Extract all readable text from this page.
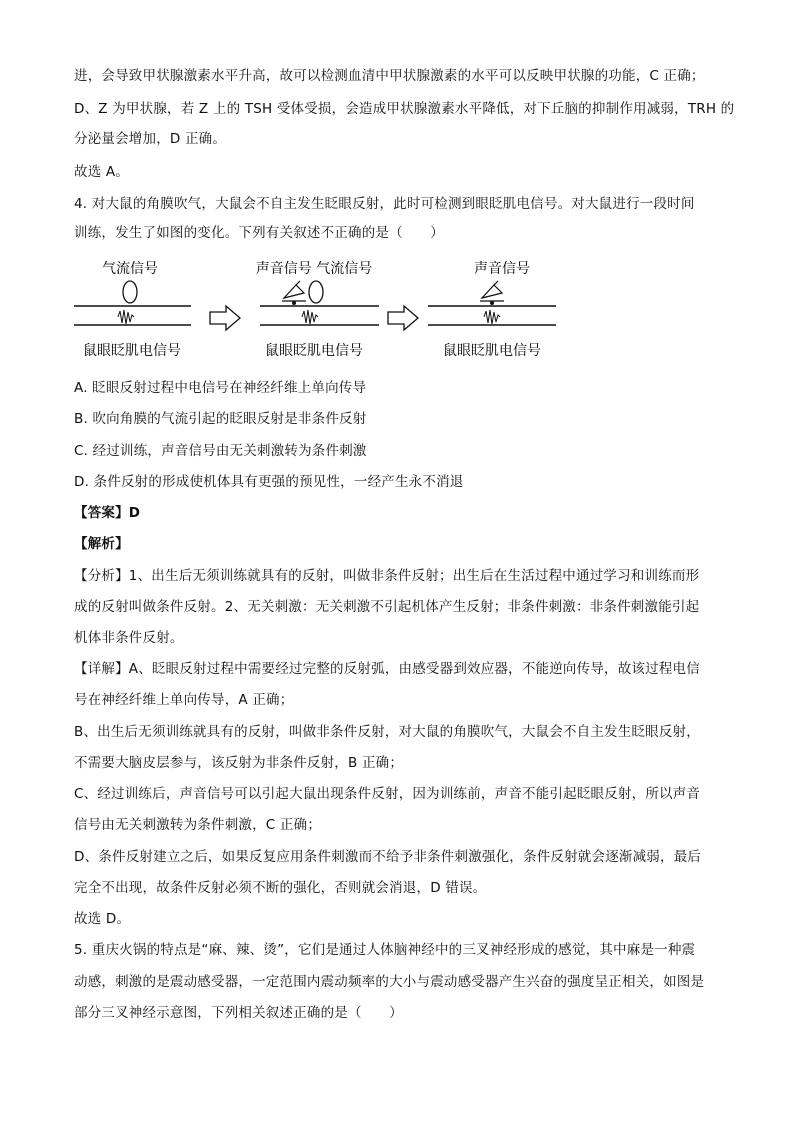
进，会导致甲状腺激素水平升高，故可以检测血清中甲状腺激素的水平可以反映甲状腺的功能，C 正确；
D、Z 为甲状腺，若 Z 上的 TSH 受体受损，会造成甲状腺激素水平降低，对下丘脑的抑制作用减弱，TRH 的
分泌量会增加，D 正确。
故选 A。
4. 对大鼠的角膜吹气，大鼠会不自主发生眨眼反射，此时可检测到眼眨肌电信号。对大鼠进行一段时间
训练，发生了如图的变化。下列有关叙述不正确的是（　　）
气流信号
鼠眼眨肌电信号
声音信号 气流信号
鼠眼眨肌电信号
声音信号
鼠眼眨肌电信号
A. 眨眼反射过程中电信号在神经纤维上单向传导
B. 吹向角膜的气流引起的眨眼反射是非条件反射
C. 经过训练，声音信号由无关刺激转为条件刺激
D. 条件反射的形成使机体具有更强的预见性，一经产生永不消退
【答案】D
【解析】
【分析】1、出生后无须训练就具有的反射，叫做非条件反射；出生后在生活过程中通过学习和训练而形
成的反射叫做条件反射。2、无关刺激：无关刺激不引起机体产生反射；非条件刺激：非条件刺激能引起
机体非条件反射。
【详解】A、眨眼反射过程中需要经过完整的反射弧，由感受器到效应器，不能逆向传导，故该过程电信
号在神经纤维上单向传导，A 正确；
B、出生后无须训练就具有的反射，叫做非条件反射，对大鼠的角膜吹气，大鼠会不自主发生眨眼反射，
不需要大脑皮层参与，该反射为非条件反射，B 正确；
C、经过训练后，声音信号可以引起大鼠出现条件反射，因为训练前，声音不能引起眨眼反射，所以声音
信号由无关刺激转为条件刺激，C 正确；
D、条件反射建立之后，如果反复应用条件刺激而不给予非条件刺激强化，条件反射就会逐渐减弱，最后
完全不出现，故条件反射必须不断的强化，否则就会消退，D 错误。
故选 D。
5. 重庆火锅的特点是“麻、辣、烫”，它们是通过人体脑神经中的三叉神经形成的感觉，其中麻是一种震
动感，刺激的是震动感受器，一定范围内震动频率的大小与震动感受器产生兴奋的强度呈正相关，如图是
部分三叉神经示意图，下列相关叙述正确的是（　　）
